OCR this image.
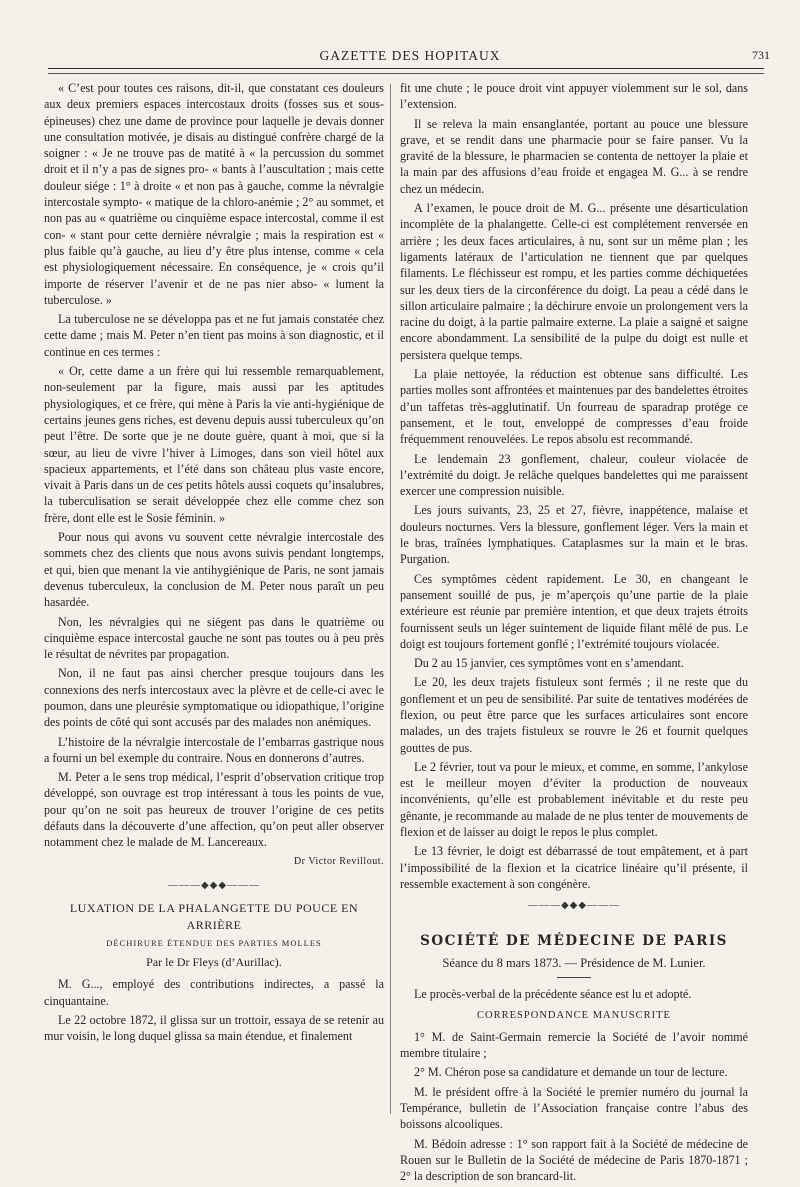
GAZETTE DES HOPITAUX	731

« C’est pour toutes ces raisons, dit-il, que constatant ces douleurs aux deux premiers espaces intercostaux droits (fosses sus et sous-épineuses) chez une dame de province pour laquelle je devais donner une consultation motivée, je disais au distingué confrère chargé de la soigner : « Je ne trouve pas de matité à « la percussion du sommet droit et il n’y a pas de signes pro- « bants à l’auscultation ; mais cette douleur siége : 1° à droite « et non pas à gauche, comme la névralgie intercostale sympto- « matique de la chloro-anémie ; 2° au sommet, et non pas au « quatrième ou cinquième espace intercostal, comme il est con- « stant pour cette dernière névralgie ; mais la respiration est « plus faible qu’à gauche, au lieu d’y être plus intense, comme « cela est physiologiquement nécessaire. En conséquence, je « crois qu’il importe de réserver l’avenir et de ne pas nier abso- « lument la tuberculose. »

La tuberculose ne se développa pas et ne fut jamais constatée chez cette dame ; mais M. Peter n’en tient pas moins à son diagnostic, et il continue en ces termes :

« Or, cette dame a un frère qui lui ressemble remarquablement, non-seulement par la figure, mais aussi par les aptitudes physiologiques, et ce frère, qui mène à Paris la vie anti-hygiénique de certains jeunes gens riches, est devenu depuis aussi tuberculeux qu’on peut l’être. De sorte que je ne doute guère, quant à moi, que si la sœur, au lieu de vivre l’hiver à Limoges, dans son vieil hôtel aux spacieux appartements, et l’été dans son château plus vaste encore, vivait à Paris dans un de ces petits hôtels aussi coquets qu’insalubres, la tuberculisation se serait développée chez elle comme chez son frère, dont elle est le Sosie féminin. »

Pour nous qui avons vu souvent cette névralgie intercostale des sommets chez des clients que nous avons suivis pendant longtemps, et qui, bien que menant la vie antihygiénique de Paris, ne sont jamais devenus tuberculeux, la conclusion de M. Peter nous paraît un peu hasardée.

Non, les névralgies qui ne siégent pas dans le quatrième ou cinquième espace intercostal gauche ne sont pas toutes ou à peu près le résultat de névrites par propagation.

Non, il ne faut pas ainsi chercher presque toujours dans les connexions des nerfs intercostaux avec la plèvre et de celle-ci avec le poumon, dans une pleurésie symptomatique ou idiopathique, l’origine des points de côté qui sont accusés par des malades non anémiques.

L’histoire de la névralgie intercostale de l’embarras gastrique nous a fourni un bel exemple du contraire. Nous en donnerons d’autres.

M. Peter a le sens trop médical, l’esprit d’observation critique trop développé, son ouvrage est trop intéressant à tous les points de vue, pour qu’on ne soit pas heureux de trouver l’origine de ces petits défauts dans la découverte d’une affection, qu’on peut aller observer notamment chez le malade de M. Lancereaux.

Dr Victor Revillout.
———◆◆◆———
LUXATION DE LA PHALANGETTE DU POUCE EN ARRIÈRE
DÉCHIRURE ÉTENDUE DES PARTIES MOLLES
Par le Dr Fleys (d’Aurillac).

M. G..., employé des contributions indirectes, a passé la cinquantaine.

Le 22 octobre 1872, il glissa sur un trottoir, essaya de se retenir au mur voisin, le long duquel glissa sa main étendue, et finalement

fit une chute ; le pouce droit vint appuyer violemment sur le sol, dans l’extension.

Il se releva la main ensanglantée, portant au pouce une blessure grave, et se rendit dans une pharmacie pour se faire panser. Vu la gravité de la blessure, le pharmacien se contenta de nettoyer la plaie et la main par des affusions d’eau froide et engagea M. G... à se rendre chez un médecin.

A l’examen, le pouce droit de M. G... présente une désarticulation incomplète de la phalangette. Celle-ci est complétement renversée en arrière ; les deux faces articulaires, à nu, sont sur un même plan ; les ligaments latéraux de l’articulation ne tiennent que par quelques filaments. Le fléchisseur est rompu, et les parties comme déchiquetées sur les deux tiers de la circonférence du doigt. La peau a cédé dans le sillon articulaire palmaire ; la déchirure envoie un prolongement vers la racine du doigt, à la partie palmaire externe. La plaie a saigné et saigne encore abondamment. La sensibilité de la pulpe du doigt est nulle et persistera quelque temps.

La plaie nettoyée, la réduction est obtenue sans difficulté. Les parties molles sont affrontées et maintenues par des bandelettes étroites d’un taffetas très-agglutinatif. Un fourreau de sparadrap protége ce pansement, et le tout, enveloppé de compresses d’eau froide fréquemment renouvelées. Le repos absolu est recommandé.

Le lendemain 23 gonflement, chaleur, couleur violacée de l’extrémité du doigt. Je relâche quelques bandelettes qui me paraissent exercer une compression nuisible.

Les jours suivants, 23, 25 et 27, fièvre, inappétence, malaise et douleurs nocturnes. Vers la blessure, gonflement léger. Vers la main et le bras, traînées lymphatiques. Cataplasmes sur la main et le bras. Purgation.

Ces symptômes cèdent rapidement. Le 30, en changeant le pansement souillé de pus, je m’aperçois qu’une partie de la plaie extérieure est réunie par première intention, et que deux trajets étroits fournissent seuls un léger suintement de liquide filant mêlé de pus. Le doigt est toujours fortement gonflé ; l’extrémité toujours violacée.

Du 2 au 15 janvier, ces symptômes vont en s’amendant.

Le 20, les deux trajets fistuleux sont fermés ; il ne reste que du gonflement et un peu de sensibilité. Par suite de tentatives modérées de flexion, ou peut être parce que les surfaces articulaires sont encore malades, un des trajets fistuleux se rouvre le 26 et fournit quelques gouttes de pus.

Le 2 février, tout va pour le mieux, et comme, en somme, l’ankylose est le meilleur moyen d’éviter la production de nouveaux inconvénients, qu’elle est probablement inévitable et du reste peu gênante, je recommande au malade de ne plus tenter de mouvements de flexion et de laisser au doigt le repos le plus complet.

Le 13 février, le doigt est débarrassé de tout empâtement, et à part l’impossibilité de la flexion et la cicatrice linéaire qu’il présente, il ressemble exactement à son congénère.

———◆◆◆———
SOCIÉTÉ DE MÉDECINE DE PARIS
Séance du 8 mars 1873. — Présidence de M. Lunier.

Le procès-verbal de la précédente séance est lu et adopté.

CORRESPONDANCE MANUSCRITE

1° M. de Saint-Germain remercie la Société de l’avoir nommé membre titulaire ;

2° M. Chéron pose sa candidature et demande un tour de lecture.

M. le président offre à la Société le premier numéro du journal la Tempérance, bulletin de l’Association française contre l’abus des boissons alcooliques.

M. Bédoin adresse : 1° son rapport fait à la Société de médecine de Rouen sur le Bulletin de la Société de médecine de Paris 1870-1871 ; 2° la description de son brancard-lit.
